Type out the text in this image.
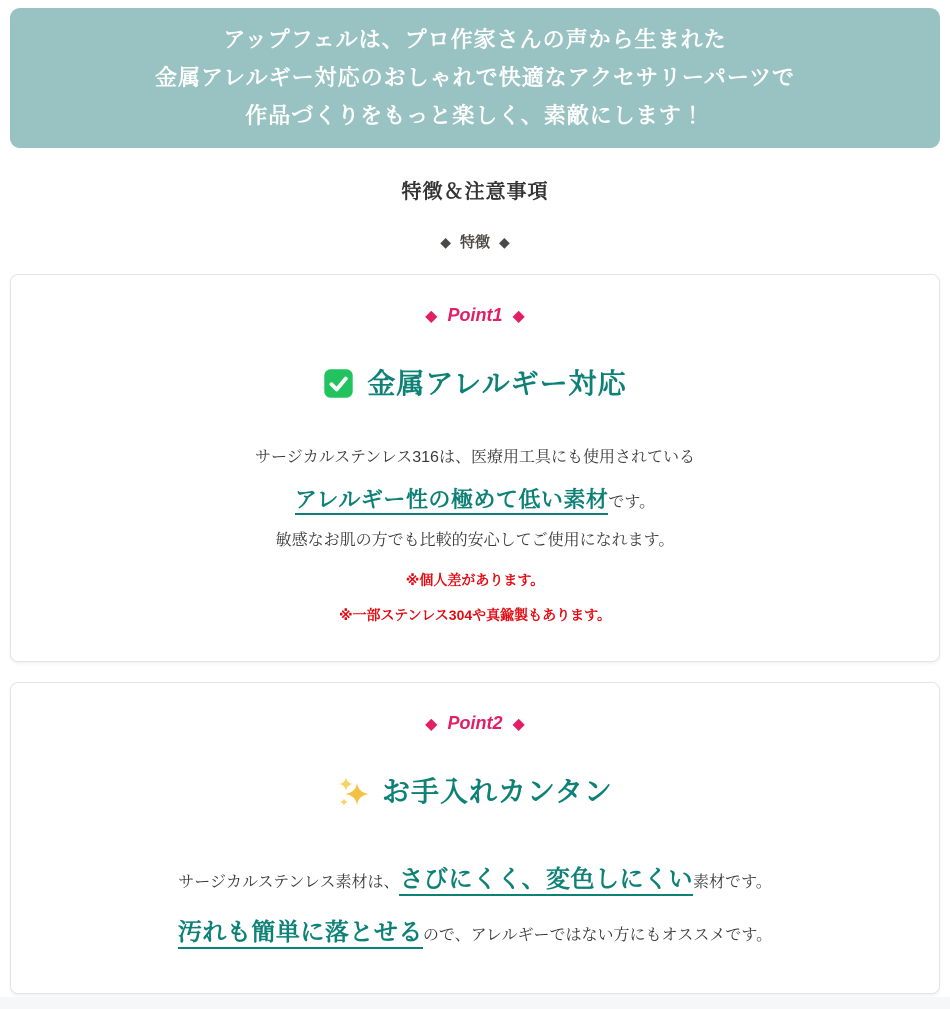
アップフェルは、プロ作家さんの声から生まれた
金属アレルギー対応のおしゃれで快適なアクセサリーパーツで
作品づくりをもっと楽しく、素敵にします！
特徴＆注意事項
◆ 特徴 ◆
◆ Point1 ◆
金属アレルギー対応

サージカルステンレス316は、医療用工具にも使用されている

アレルギー性の極めて低い素材です。

敏感なお肌の方でも比較的安心してご使用になれます。

※個人差があります。

※一部ステンレス304や真鍮製もあります。

◆ Point2 ◆
お手入れカンタン

サージカルステンレス素材は、さびにくく、変色しにくい素材です。

汚れも簡単に落とせるので、アレルギーではない方にもオススメです。
